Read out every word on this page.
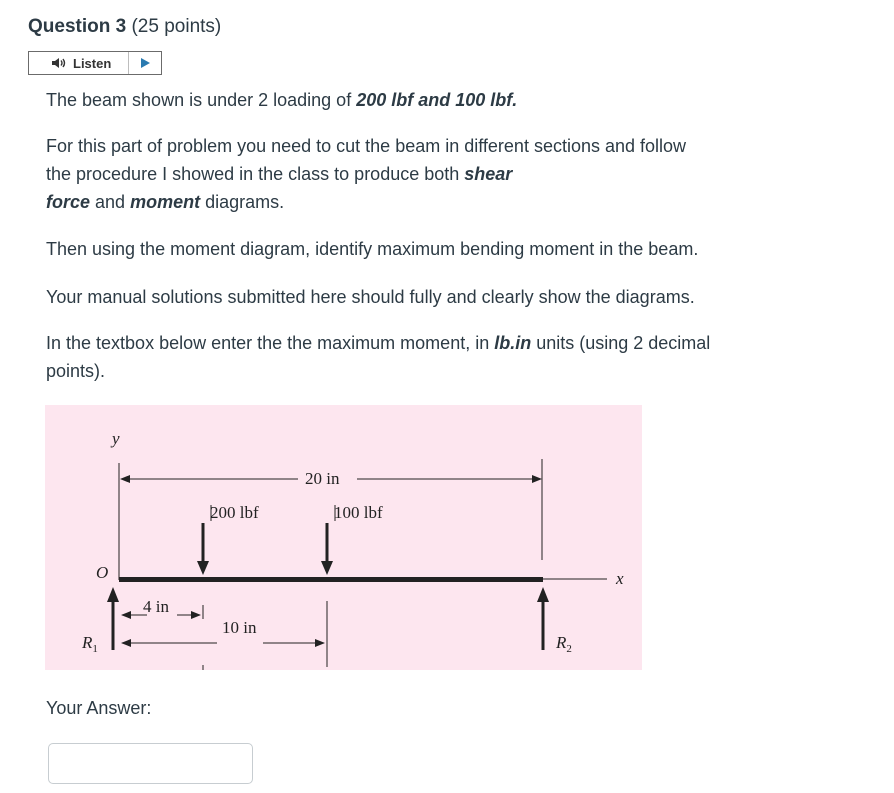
Question 3 (25 points)
Listen
The beam shown is under 2 loading of 200 lbf and 100 lbf.
For this part of problem you need to cut the beam in different sections and follow
the procedure I showed in the class to produce both shear
force and moment diagrams.
Then using the moment diagram, identify maximum bending moment in the beam.
Your manual solutions submitted here should fully and clearly show the diagrams.
In the textbox below enter the the maximum moment, in lb.in units (using 2 decimal
points).
y
20 in
200 lbf	100 lbf
x
O
$R_1$	$R_2$
4 in
10 in
Your Answer:
